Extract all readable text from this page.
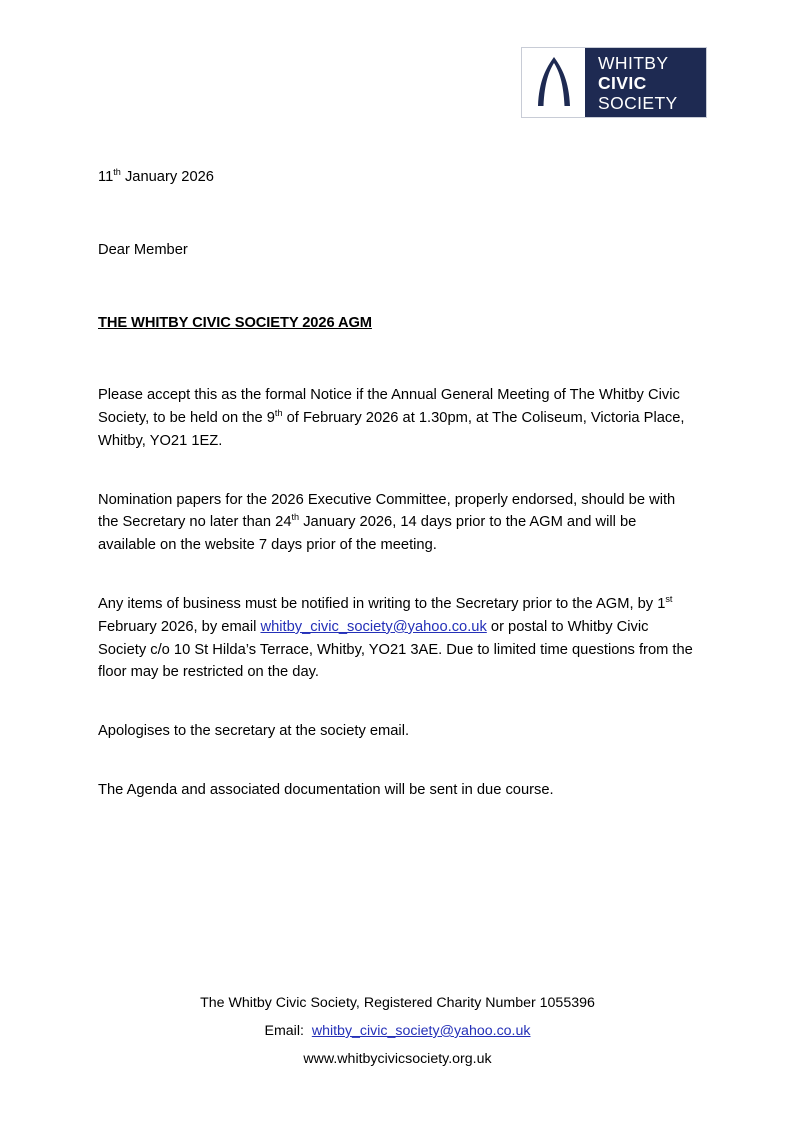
WHITBY
CIVIC
SOCIETY
11th January 2026

Dear Member

THE WHITBY CIVIC SOCIETY 2026 AGM

Please accept this as the formal Notice if the Annual General Meeting of The Whitby Civic Society, to be held on the 9th of February 2026 at 1.30pm, at The Coliseum, Victoria Place, Whitby, YO21 1EZ.

Nomination papers for the 2026 Executive Committee, properly endorsed, should be with the Secretary no later than 24th January 2026, 14 days prior to the AGM and will be available on the website 7 days prior of the meeting.

Any items of business must be notified in writing to the Secretary prior to the AGM, by 1st February 2026, by email whitby_civic_society@yahoo.co.uk or postal to Whitby Civic Society c/o 10 St Hilda’s Terrace, Whitby, YO21 3AE. Due to limited time questions from the floor may be restricted on the day.

Apologises to the secretary at the society email.

The Agenda and associated documentation will be sent in due course.

The Whitby Civic Society, Registered Charity Number 1055396
Email:  whitby_civic_society@yahoo.co.uk
www.whitbycivicsociety.org.uk
